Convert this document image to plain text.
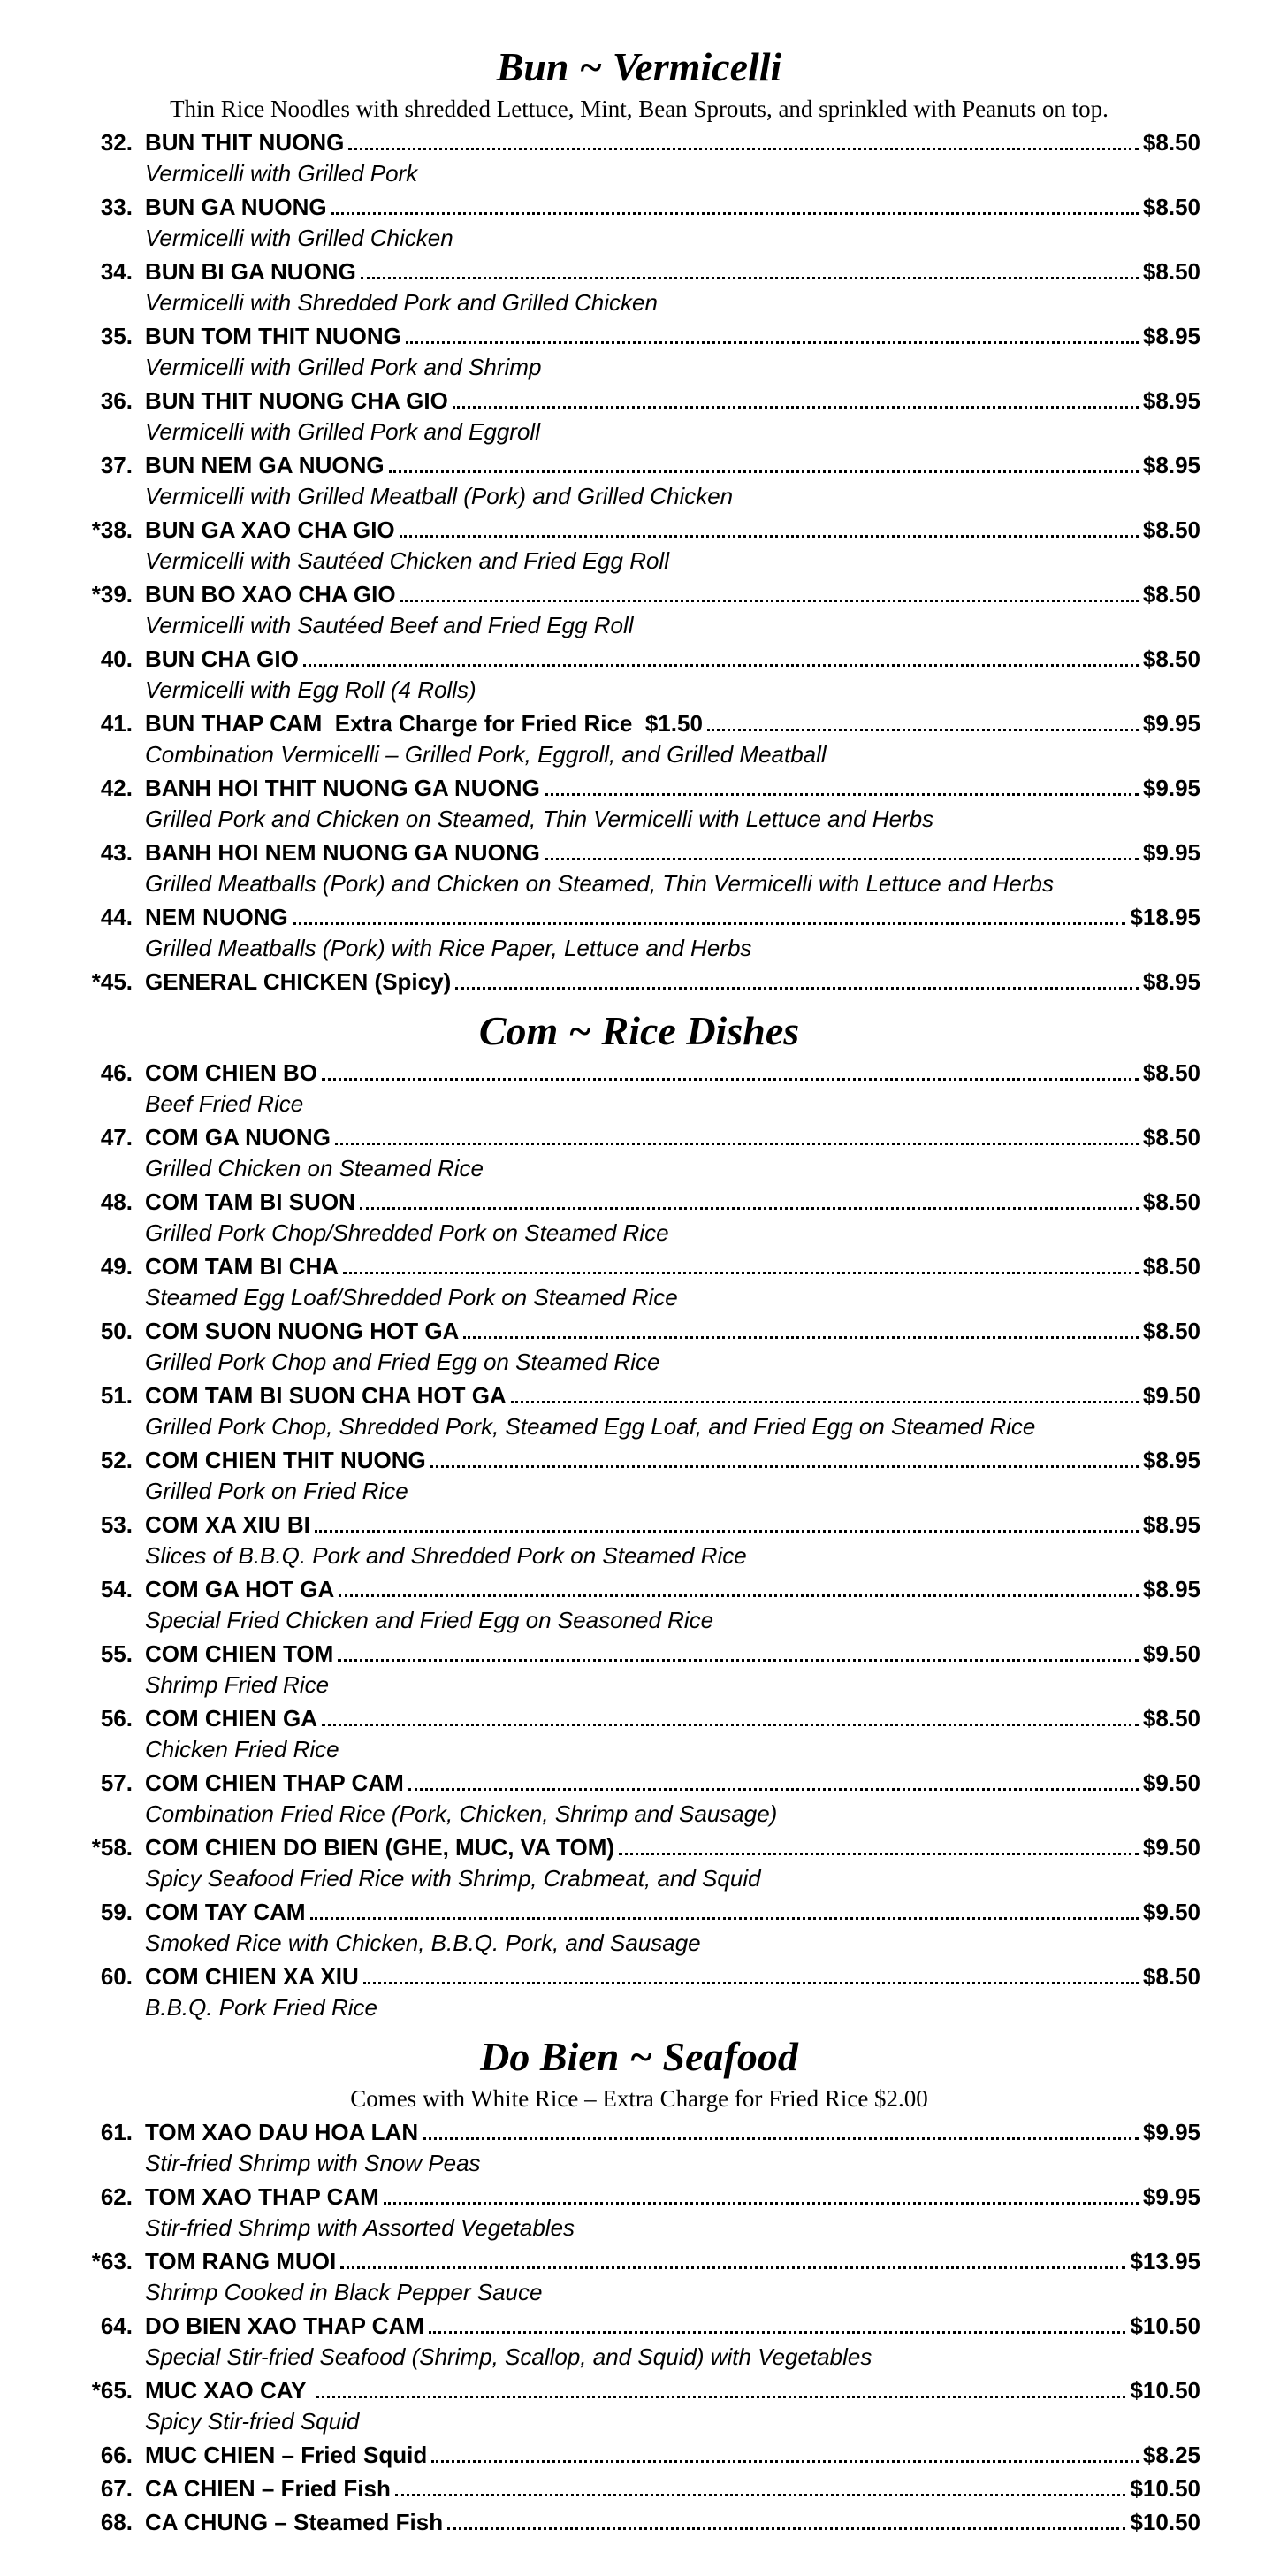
Bun ~ Vermicelli

Thin Rice Noodles with shredded Lettuce, Mint, Bean Sprouts, and sprinkled with Peanuts on top.

32. BUN THIT NUONG	$8.50
Vermicelli with Grilled Pork
33. BUN GA NUONG	$8.50
Vermicelli with Grilled Chicken
34. BUN BI GA NUONG	$8.50
Vermicelli with Shredded Pork and Grilled Chicken
35. BUN TOM THIT NUONG	$8.95
Vermicelli with Grilled Pork and Shrimp
36. BUN THIT NUONG CHA GIO	$8.95
Vermicelli with Grilled Pork and Eggroll
37. BUN NEM GA NUONG	$8.95
Vermicelli with Grilled Meatball (Pork) and Grilled Chicken
*38. BUN GA XAO CHA GIO	$8.50
Vermicelli with Sautéed Chicken and Fried Egg Roll
*39. BUN BO XAO CHA GIO	$8.50
Vermicelli with Sautéed Beef and Fried Egg Roll
40. BUN CHA GIO	$8.50
Vermicelli with Egg Roll (4 Rolls)
41. BUN THAP CAM  Extra Charge for Fried Rice  $1.50	$9.95
Combination Vermicelli – Grilled Pork, Eggroll, and Grilled Meatball
42. BANH HOI THIT NUONG GA NUONG	$9.95
Grilled Pork and Chicken on Steamed, Thin Vermicelli with Lettuce and Herbs
43. BANH HOI NEM NUONG GA NUONG	$9.95
Grilled Meatballs (Pork) and Chicken on Steamed, Thin Vermicelli with Lettuce and Herbs
44. NEM NUONG	$18.95
Grilled Meatballs (Pork) with Rice Paper, Lettuce and Herbs
*45. GENERAL CHICKEN (Spicy)	$8.95
Com ~ Rice Dishes
46. COM CHIEN BO	$8.50
Beef Fried Rice
47. COM GA NUONG	$8.50
Grilled Chicken on Steamed Rice
48. COM TAM BI SUON	$8.50
Grilled Pork Chop/Shredded Pork on Steamed Rice
49. COM TAM BI CHA	$8.50
Steamed Egg Loaf/Shredded Pork on Steamed Rice
50. COM SUON NUONG HOT GA	$8.50
Grilled Pork Chop and Fried Egg on Steamed Rice
51. COM TAM BI SUON CHA HOT GA	$9.50
Grilled Pork Chop, Shredded Pork, Steamed Egg Loaf, and Fried Egg on Steamed Rice
52. COM CHIEN THIT NUONG	$8.95
Grilled Pork on Fried Rice
53. COM XA XIU BI	$8.95
Slices of B.B.Q. Pork and Shredded Pork on Steamed Rice
54. COM GA HOT GA	$8.95
Special Fried Chicken and Fried Egg on Seasoned Rice
55. COM CHIEN TOM	$9.50
Shrimp Fried Rice
56. COM CHIEN GA	$8.50
Chicken Fried Rice
57. COM CHIEN THAP CAM	$9.50
Combination Fried Rice (Pork, Chicken, Shrimp and Sausage)
*58. COM CHIEN DO BIEN (GHE, MUC, VA TOM)	$9.50
Spicy Seafood Fried Rice with Shrimp, Crabmeat, and Squid
59. COM TAY CAM	$9.50
Smoked Rice with Chicken, B.B.Q. Pork, and Sausage
60. COM CHIEN XA XIU	$8.50
B.B.Q. Pork Fried Rice
Do Bien ~ Seafood

Comes with White Rice – Extra Charge for Fried Rice $2.00

61. TOM XAO DAU HOA LAN	$9.95
Stir-fried Shrimp with Snow Peas
62. TOM XAO THAP CAM	$9.95
Stir-fried Shrimp with Assorted Vegetables
*63. TOM RANG MUOI	$13.95
Shrimp Cooked in Black Pepper Sauce
64. DO BIEN XAO THAP CAM	$10.50
Special Stir-fried Seafood (Shrimp, Scallop, and Squid) with Vegetables
*65. MUC XAO CAY	$10.50
Spicy Stir-fried Squid
66. MUC CHIEN – Fried Squid	$8.25
67. CA CHIEN – Fried Fish	$10.50
68. CA CHUNG – Steamed Fish	$10.50
